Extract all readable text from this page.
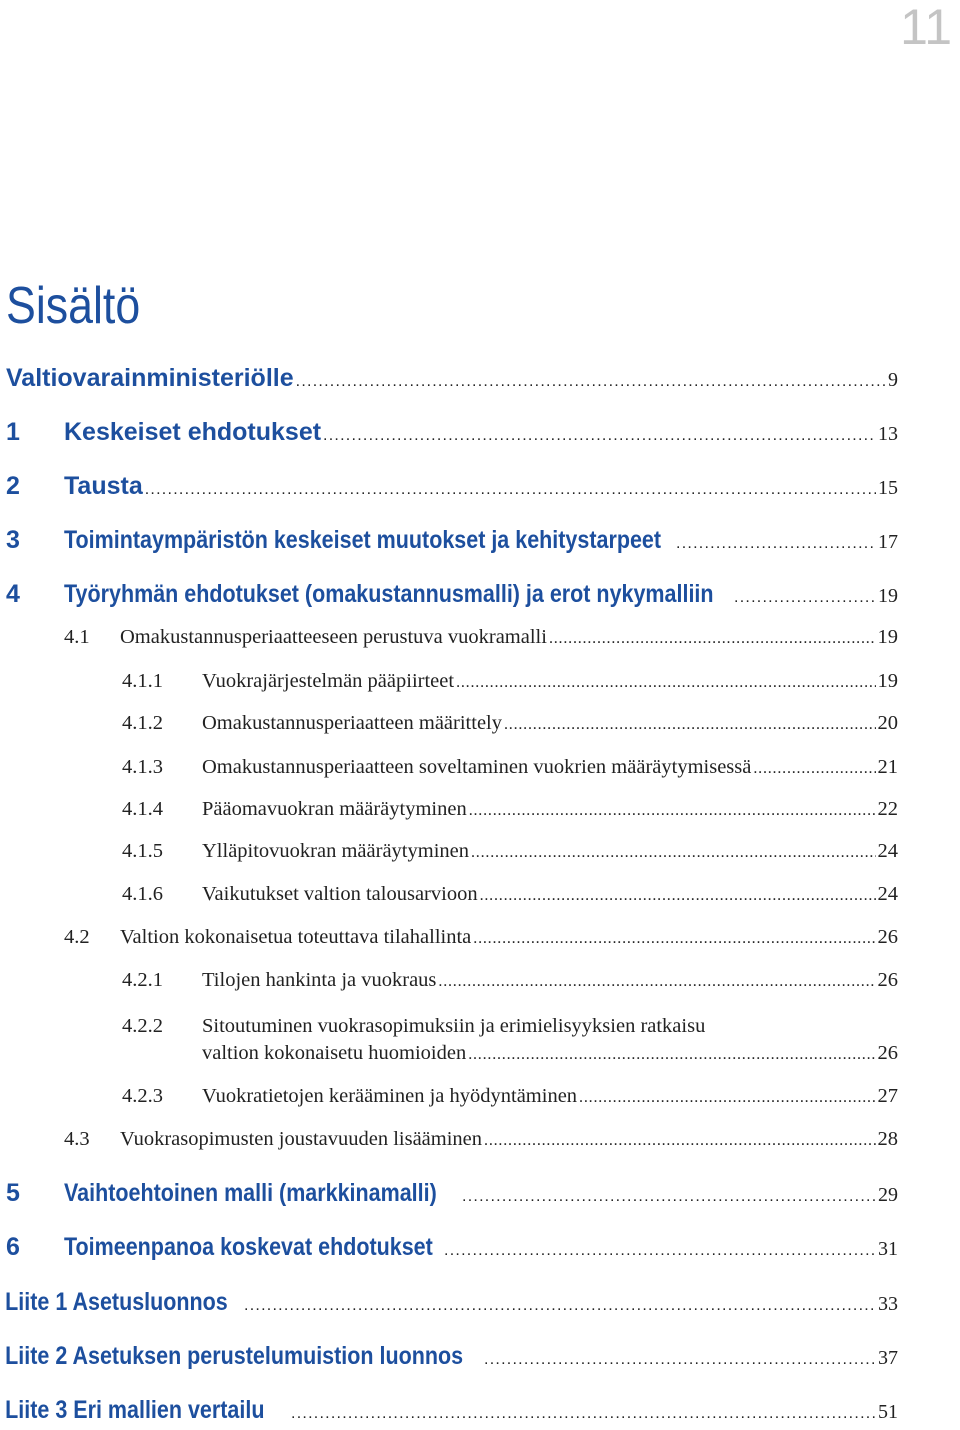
11
Sisältö
Valtiovarainministeriölle . . .	9
1	Keskeiset ehdotukset . . .	13
2	Tausta . . .	15
3	Toimintaympäristön keskeiset muutokset ja kehitystarpeet . . .	17
4	Työryhmän ehdotukset (omakustannusmalli) ja erot nykymalliin . . .	19
4.1	Omakustannusperiaatteeseen perustuva vuokramalli . . .	19
4.1.1	Vuokrajärjestelmän pääpiirteet . . .	19
4.1.2	Omakustannusperiaatteen määrittely . . .	20
4.1.3	Omakustannusperiaatteen soveltaminen vuokrien määräytymisessä . . .	21
4.1.4	Pääomavuokran määräytyminen . . .	22
4.1.5	Ylläpitovuokran määräytyminen . . .	24
4.1.6	Vaikutukset valtion talousarvioon . . .	24
4.2	Valtion kokonaisetua toteuttava tilahallinta . . .	26
4.2.1	Tilojen hankinta ja vuokraus . . .	26
4.2.2	Sitoutuminen vuokrasopimuksiin ja erimielisyyksien ratkaisu
valtion kokonaisetu huomioiden . . .	26
4.2.3	Vuokratietojen kerääminen ja hyödyntäminen . . .	27
4.3	Vuokrasopimusten joustavuuden lisääminen . . .	28
5	Vaihtoehtoinen malli (markkinamalli) . . .	29
6	Toimeenpanoa koskevat ehdotukset . . .	31
Liite 1 Asetusluonnos . . .	33
Liite 2 Asetuksen perustelumuistion luonnos . . .	37
Liite 3 Eri mallien vertailu . . .	51
